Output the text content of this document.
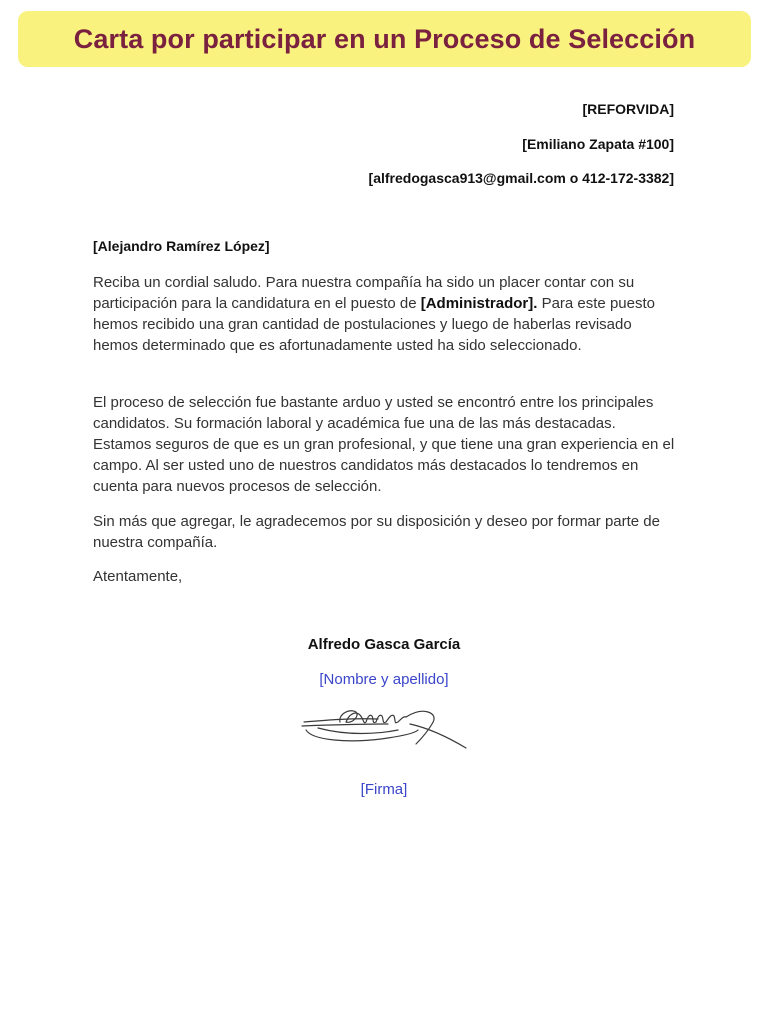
Carta por participar en un Proceso de Selección
[REFORVIDA]
[Emiliano Zapata #100]
[alfredogasca913@gmail.com o 412-172-3382]
[Alejandro Ramírez López]

Reciba un cordial saludo. Para nuestra compañía ha sido un placer contar con su participación para la candidatura en el puesto de [Administrador]. Para este puesto hemos recibido una gran cantidad de postulaciones y luego de haberlas revisado hemos determinado que es afortunadamente usted ha sido seleccionado.

El proceso de selección fue bastante arduo y usted se encontró entre los principales candidatos. Su formación laboral y académica fue una de las más destacadas. Estamos seguros de que es un gran profesional, y que tiene una gran experiencia en el campo. Al ser usted uno de nuestros candidatos más destacados lo tendremos en cuenta para nuevos procesos de selección.

Sin más que agregar, le agradecemos por su disposición y deseo por formar parte de nuestra compañía.

Atentamente,
Alfredo Gasca García
[Nombre y apellido]
[Firma]
